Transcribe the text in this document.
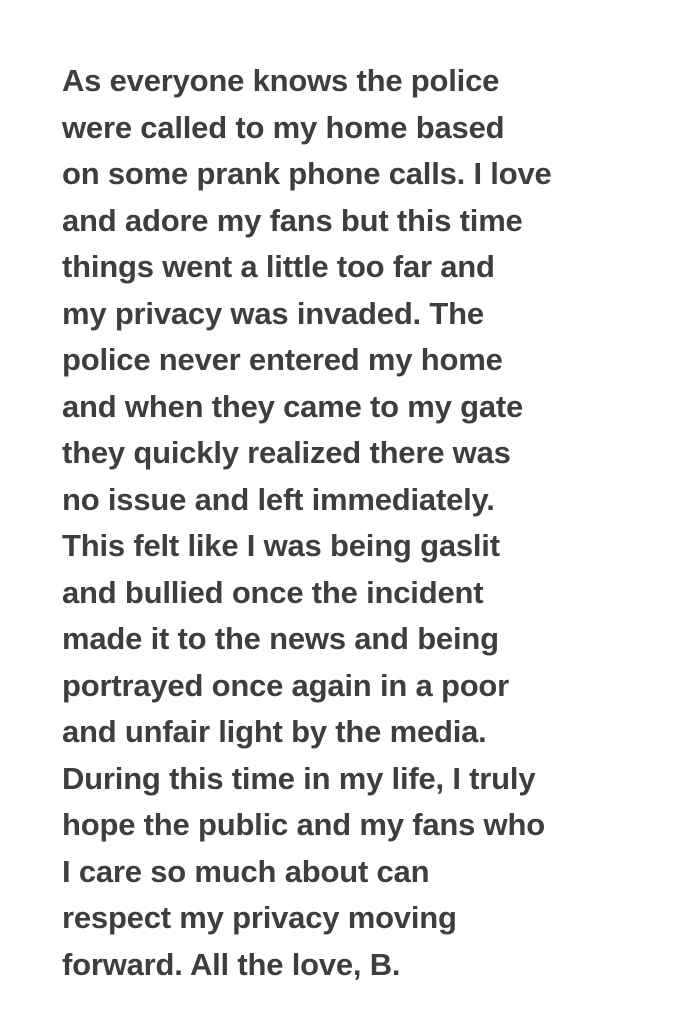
As everyone knows the police
were called to my home based
on some prank phone calls. I love
and adore my fans but this time
things went a little too far and
my privacy was invaded. The
police never entered my home
and when they came to my gate
they quickly realized there was
no issue and left immediately.
This felt like I was being gaslit
and bullied once the incident
made it to the news and being
portrayed once again in a poor
and unfair light by the media.
During this time in my life, I truly
hope the public and my fans who
I care so much about can
respect my privacy moving
forward. All the love, B.
